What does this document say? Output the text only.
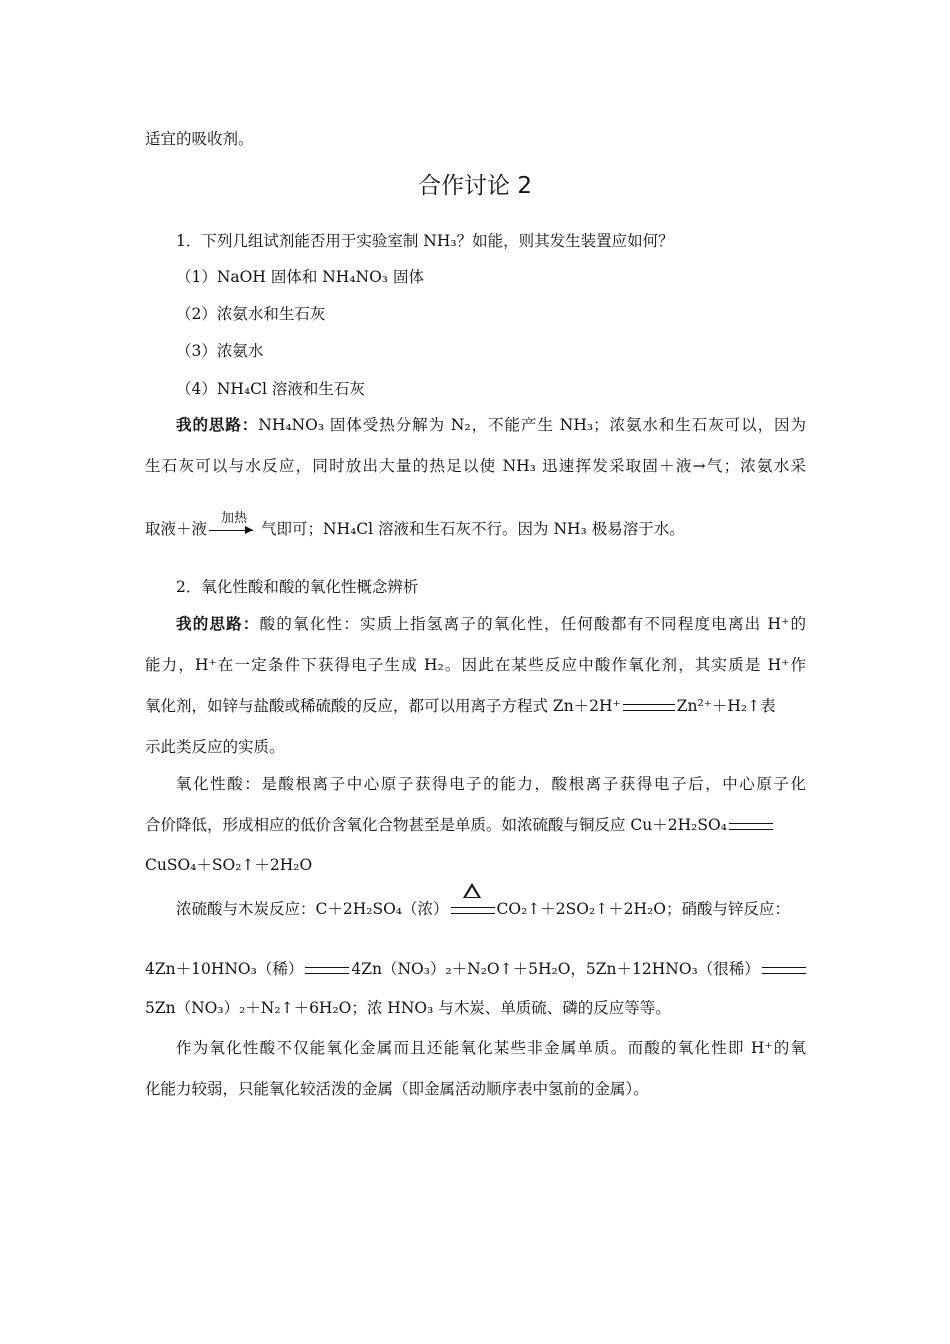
适宜的吸收剂。
合作讨论 2
1．下列几组试剂能否用于实验室制 NH₃？如能，则其发生装置应如何？
（1）NaOH 固体和 NH₄NO₃ 固体
（2）浓氨水和生石灰
（3）浓氨水
（4）NH₄Cl 溶液和生石灰
我的思路：NH₄NO₃ 固体受热分解为 N₂，不能产生 NH₃；浓氨水和生石灰可以，因为
生石灰可以与水反应，同时放出大量的热足以使 NH₃ 迅速挥发采取固＋液→气；浓氨水采
取液＋液
加热
气即可；NH₄Cl 溶液和生石灰不行。因为 NH₃ 极易溶于水。
2．氧化性酸和酸的氧化性概念辨析
我的思路：酸的氧化性：实质上指氢离子的氧化性，任何酸都有不同程度电离出 H⁺的
能力，H⁺在一定条件下获得电子生成 H₂。因此在某些反应中酸作氧化剂，其实质是 H⁺作
氧化剂，如锌与盐酸或稀硫酸的反应，都可以用离子方程式 Zn＋2H⁺	Zn²⁺＋H₂↑表
示此类反应的实质。
氧化性酸：是酸根离子中心原子获得电子的能力，酸根离子获得电子后，中心原子化
合价降低，形成相应的低价含氧化合物甚至是单质。如浓硫酸与铜反应 Cu＋2H₂SO₄
CuSO₄＋SO₂↑＋2H₂O
浓硫酸与木炭反应：C＋2H₂SO₄（浓）	CO₂↑＋2SO₂↑＋2H₂O；硝酸与锌反应：
4Zn＋10HNO₃（稀）	4Zn（NO₃）₂＋N₂O↑＋5H₂O，5Zn＋12HNO₃（很稀）
5Zn（NO₃）₂＋N₂↑＋6H₂O；浓 HNO₃ 与木炭、单质硫、磷的反应等等。
作为氧化性酸不仅能氧化金属而且还能氧化某些非金属单质。而酸的氧化性即 H⁺的氧
化能力较弱，只能氧化较活泼的金属（即金属活动顺序表中氢前的金属）。
